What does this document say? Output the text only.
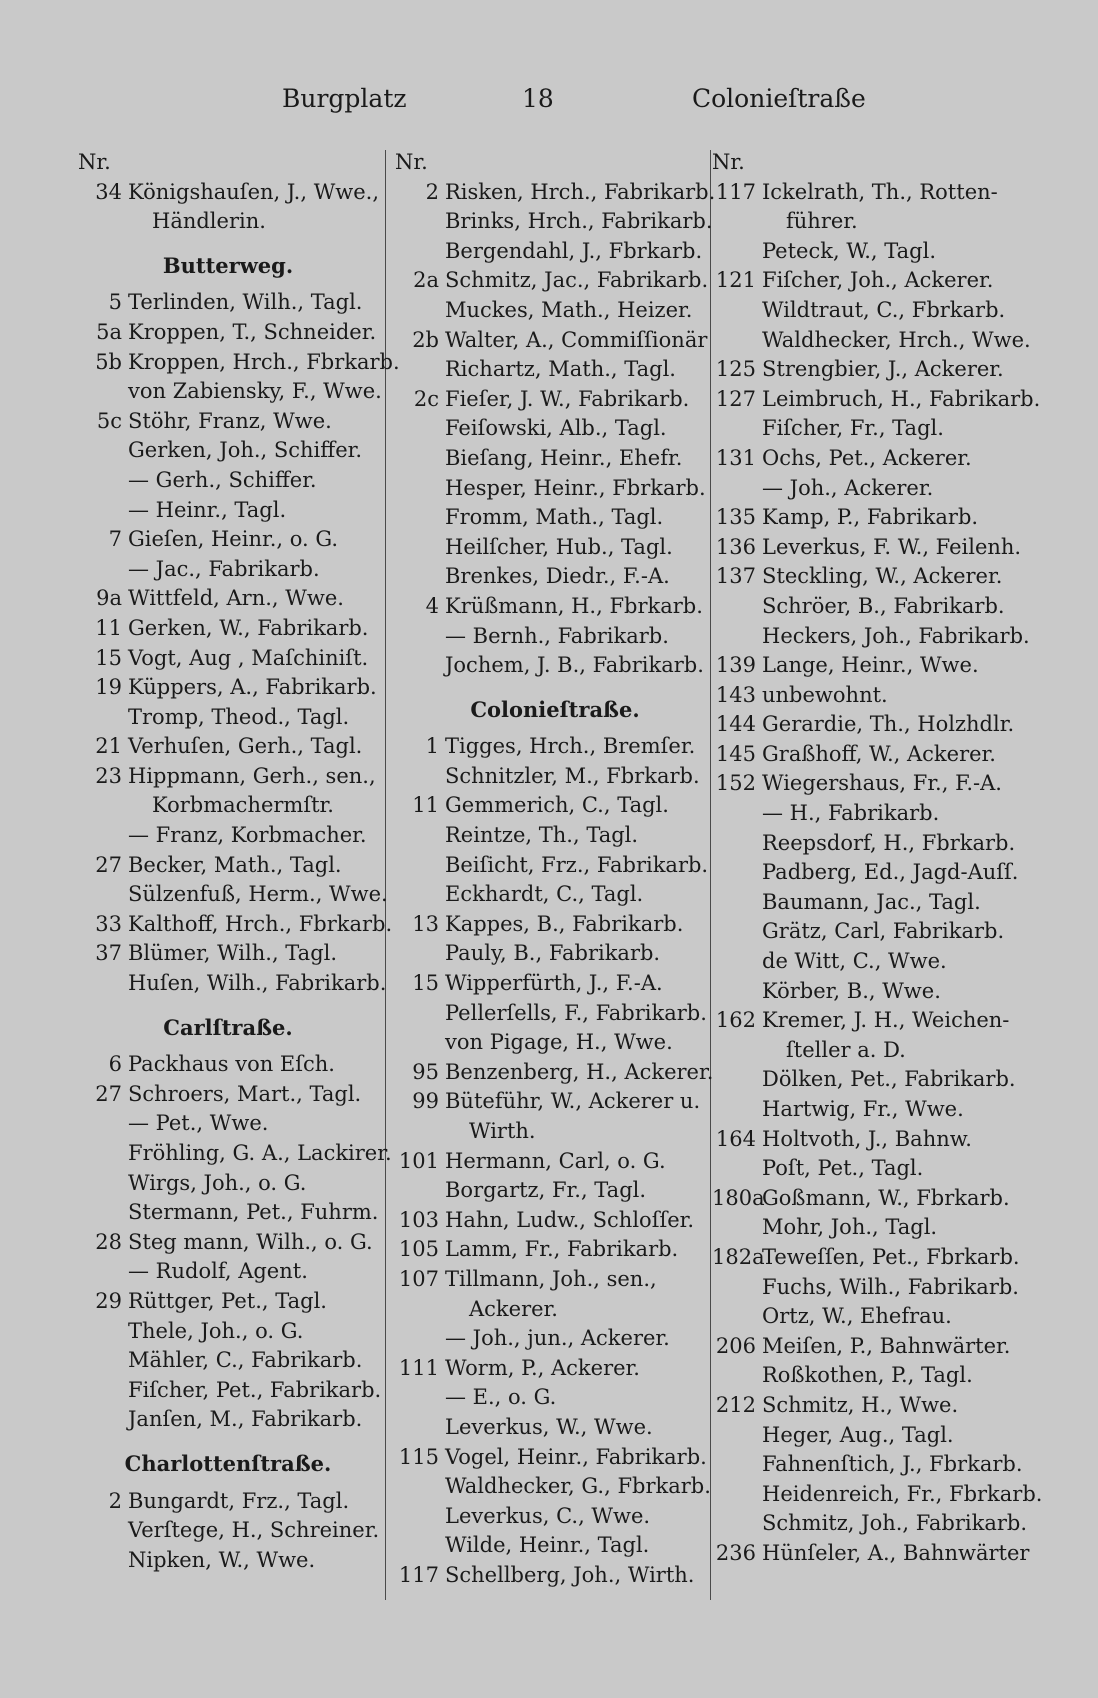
Burgplatz	18	Colonieſtraße
Nr.
34 Königshauſen, J., Wwe.,
Händlerin.
Butterweg.
5 Terlinden, Wilh., Tagl.
5a Kroppen, T., Schneider.
5b Kroppen, Hrch., Fbrkarb.
von Zabiensky, F., Wwe.
5c Stöhr, Franz, Wwe.
Gerken, Joh., Schiffer.
— Gerh., Schiffer.
— Heinr., Tagl.
7 Gieſen, Heinr., o. G.
— Jac., Fabrikarb.
9a Wittfeld, Arn., Wwe.
11 Gerken, W., Fabrikarb.
15 Vogt, Aug , Maſchiniſt.
19 Küppers, A., Fabrikarb.
Tromp, Theod., Tagl.
21 Verhuſen, Gerh., Tagl.
23 Hippmann, Gerh., sen.,
Korbmachermſtr.
— Franz, Korbmacher.
27 Becker, Math., Tagl.
Sülzenfuß, Herm., Wwe.
33 Kalthoff, Hrch., Fbrkarb.
37 Blümer, Wilh., Tagl.
Huſen, Wilh., Fabrikarb.
Carlſtraße.
6 Packhaus von Eſch.
27 Schroers, Mart., Tagl.
— Pet., Wwe.
Fröhling, G. A., Lackirer.
Wirgs, Joh., o. G.
Stermann, Pet., Fuhrm.
28 Steg mann, Wilh., o. G.
— Rudolf, Agent.
29 Rüttger, Pet., Tagl.
Thele, Joh., o. G.
Mähler, C., Fabrikarb.
Fiſcher, Pet., Fabrikarb.
Janſen, M., Fabrikarb.
Charlottenſtraße.
2 Bungardt, Frz., Tagl.
Verſtege, H., Schreiner.
Nipken, W., Wwe.
Nr.
2 Risken, Hrch., Fabrikarb.
Brinks, Hrch., Fabrikarb.
Bergendahl, J., Fbrkarb.
2a Schmitz, Jac., Fabrikarb.
Muckes, Math., Heizer.
2b Walter, A., Commiſſionär
Richartz, Math., Tagl.
2c Fieſer, J. W., Fabrikarb.
Feiſowski, Alb., Tagl.
Bieſang, Heinr., Ehefr.
Hesper, Heinr., Fbrkarb.
Fromm, Math., Tagl.
Heilſcher, Hub., Tagl.
Brenkes, Diedr., F.-A.
4 Krüßmann, H., Fbrkarb.
— Bernh., Fabrikarb.
Jochem, J. B., Fabrikarb.
Colonieſtraße.
1 Tigges, Hrch., Bremſer.
Schnitzler, M., Fbrkarb.
11 Gemmerich, C., Tagl.
Reintze, Th., Tagl.
Beiſicht, Frz., Fabrikarb.
Eckhardt, C., Tagl.
13 Kappes, B., Fabrikarb.
Pauly, B., Fabrikarb.
15 Wipperfürth, J., F.-A.
Pellerſells, F., Fabrikarb.
von Pigage, H., Wwe.
95 Benzenberg, H., Ackerer.
99 Büteführ, W., Ackerer u.
Wirth.
101 Hermann, Carl, o. G.
Borgartz, Fr., Tagl.
103 Hahn, Ludw., Schloſſer.
105 Lamm, Fr., Fabrikarb.
107 Tillmann, Joh., sen.,
Ackerer.
— Joh., jun., Ackerer.
111 Worm, P., Ackerer.
— E., o. G.
Leverkus, W., Wwe.
115 Vogel, Heinr., Fabrikarb.
Waldhecker, G., Fbrkarb.
Leverkus, C., Wwe.
Wilde, Heinr., Tagl.
117 Schellberg, Joh., Wirth.
Nr.
117 Ickelrath, Th., Rotten-
führer.
Peteck, W., Tagl.
121 Fiſcher, Joh., Ackerer.
Wildtraut, C., Fbrkarb.
Waldhecker, Hrch., Wwe.
125 Strengbier, J., Ackerer.
127 Leimbruch, H., Fabrikarb.
Fiſcher, Fr., Tagl.
131 Ochs, Pet., Ackerer.
— Joh., Ackerer.
135 Kamp, P., Fabrikarb.
136 Leverkus, F. W., Feilenh.
137 Steckling, W., Ackerer.
Schröer, B., Fabrikarb.
Heckers, Joh., Fabrikarb.
139 Lange, Heinr., Wwe.
143 unbewohnt.
144 Gerardie, Th., Holzhdlr.
145 Graßhoff, W., Ackerer.
152 Wiegershaus, Fr., F.-A.
— H., Fabrikarb.
Reepsdorf, H., Fbrkarb.
Padberg, Ed., Jagd-Auſſ.
Baumann, Jac., Tagl.
Grätz, Carl, Fabrikarb.
de Witt, C., Wwe.
Körber, B., Wwe.
162 Kremer, J. H., Weichen-
ſteller a. D.
Dölken, Pet., Fabrikarb.
Hartwig, Fr., Wwe.
164 Holtvoth, J., Bahnw.
Poſt, Pet., Tagl.
180a
Goßmann, W., Fbrkarb.
Mohr, Joh., Tagl.
182a
Teweſſen, Pet., Fbrkarb.
Fuchs, Wilh., Fabrikarb.
Ortz, W., Ehefrau.
206 Meiſen, P., Bahnwärter.
Roßkothen, P., Tagl.
212 Schmitz, H., Wwe.
Heger, Aug., Tagl.
Fahnenſtich, J., Fbrkarb.
Heidenreich, Fr., Fbrkarb.
Schmitz, Joh., Fabrikarb.
236 Hünſeler, A., Bahnwärter
